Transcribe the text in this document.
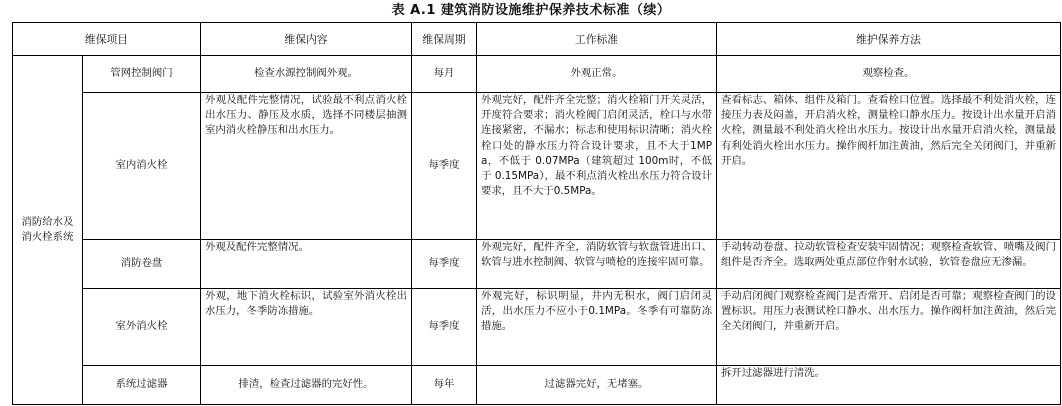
表 A.1 建筑消防设施维护保养技术标准（续）
维保项目		维保内容	维保周期	工作标准	维护保养方法
消防给水及消火栓系统	管网控制阀门	检查水源控制阀外观。	每月	外观正常。	观察检查。
	室内消火栓	外观及配件完整情况，试验最不利点消火栓出水压力、静压及水质，选择不同楼层抽测室内消火栓静压和出水压力。	每季度	外观完好，配件齐全完整；消火栓箱门开关灵活，开度符合要求；消火栓阀门启闭灵活，栓口与水带连接紧密，不漏水；标志和使用标识清晰；消火栓栓口处的静水压力符合设计要求，且不大于1MPa，不低于 0.07MPa（建筑超过 100m时，不低于 0.15MPa），最不利点消火栓出水压力符合设计要求，且不大于0.5MPa。	查看标志、箱体、组件及箱门。查看栓口位置。选择最不利处消火栓，连接压力表及闷盖，开启消火栓，测量栓口静水压力。按设计出水量开启消火栓，测量最不利处消火栓出水压力。按设计出水量开启消火栓，测量最有利处消火栓出水压力。操作阀杆加注黄油，然后完全关闭阀门，并重新开启。
	消防卷盘	外观及配件完整情况。	每季度	外观完好，配件齐全，消防软管与软盘管进出口、软管与进水控制阀、软管与喷枪的连接牢固可靠。	手动转动卷盘、拉动软管检查安装牢固情况；观察检查软管、喷嘴及阀门组件是否齐全。选取两处重点部位作射水试验，软管卷盘应无渗漏。
	室外消火栓	外观，地下消火栓标识，试验室外消火栓出水压力，冬季防冻措施。	每季度	外观完好，标识明显，井内无积水，阀门启闭灵活，出水压力不应小于0.1MPa。冬季有可靠防冻措施。	手动启闭阀门观察检查阀门是否常开、启闭是否可靠；观察检查阀门的设置标识。用压力表测试栓口静水、出水压力。操作阀杆加注黄油，然后完全关闭阀门，并重新开启。
	系统过滤器	排渣，检查过滤器的完好性。	每年	过滤器完好，无堵塞。	拆开过滤器进行清洗。
